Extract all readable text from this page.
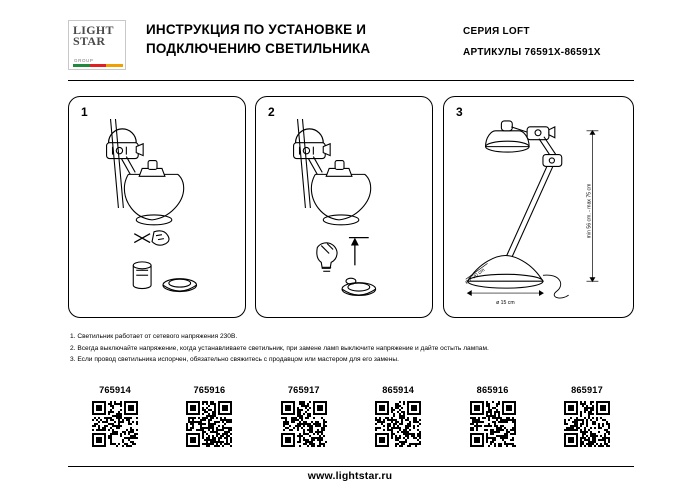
LIGHT
STAR
GROUP
ИНСТРУКЦИЯ ПО УСТАНОВКЕ И
ПОДКЛЮЧЕНИЮ СВЕТИЛЬНИКА
СЕРИЯ LOFT
АРТИКУЛЫ 76591X-86591X
1	2	3
min 56 cm. - max 75 cm
ø 7-20 cm
ø 15 cm
1. Светильник работает от сетевого напряжения 230В.
2. Всегда выключайте напряжение, когда устанавливаете светильник, при замене ламп выключите напряжение и дайте остыть лампам.
3. Если провод светильника испорчен, обязательно свяжитесь с продавцом или мастером для его замены.
765914	765916	765917	865914	865916	865917
www.lightstar.ru
